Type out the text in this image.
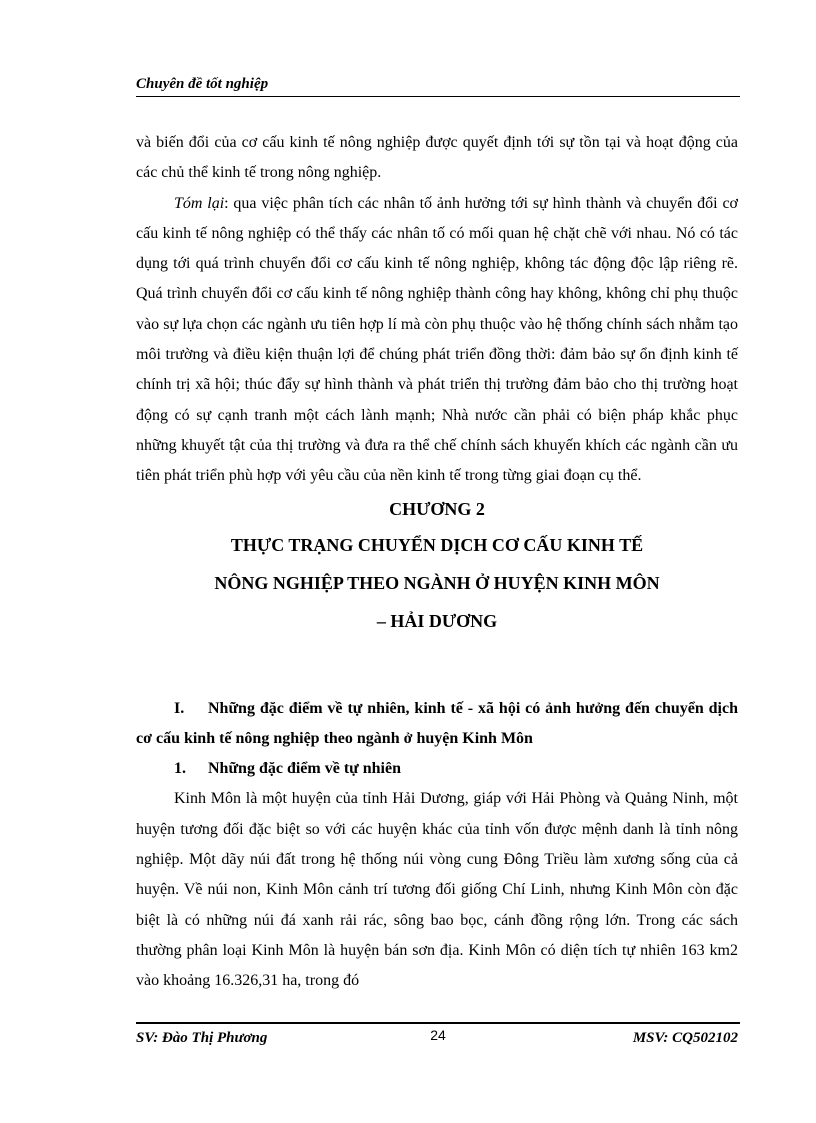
Chuyên đề tốt nghiệp

và biến đổi của cơ cấu kinh tế nông nghiệp được quyết định tới sự tồn tại và hoạt động của các chủ thể kinh tế trong nông nghiệp.

Tóm lại: qua việc phân tích các nhân tố ảnh hưởng tới sự hình thành và chuyển đổi cơ cấu kinh tế nông nghiệp có thể thấy các nhân tố có mối quan hệ chặt chẽ với nhau. Nó có tác dụng tới quá trình chuyển đổi cơ cấu kinh tế nông nghiệp, không tác động độc lập riêng rẽ. Quá trình chuyển đổi cơ cấu kinh tế nông nghiệp thành công hay không, không chỉ phụ thuộc vào sự lựa chọn các ngành ưu tiên hợp lí mà còn phụ thuộc vào hệ thống chính sách nhằm tạo môi trường và điều kiện thuận lợi để chúng phát triển đồng thời: đảm bảo sự ổn định kinh tế chính trị xã hội; thúc đẩy sự hình thành và phát triển thị trường đảm bảo cho thị trường hoạt động có sự cạnh tranh một cách lành mạnh; Nhà nước cần phải có biện pháp khắc phục những khuyết tật của thị trường và đưa ra thể chế chính sách khuyến khích các ngành cần ưu tiên phát triển phù hợp với yêu cầu của nền kinh tế trong từng giai đoạn cụ thể.

CHƯƠNG 2

THỰC TRẠNG CHUYỂN DỊCH CƠ CẤU KINH TẾ

NÔNG NGHIỆP THEO NGÀNH Ở HUYỆN KINH MÔN

– HẢI DƯƠNG

I. Những đặc điểm về tự nhiên, kinh tế - xã hội có ảnh hưởng đến chuyển dịch cơ cấu kinh tế nông nghiệp theo ngành ở huyện Kinh Môn

1. Những đặc điểm về tự nhiên

Kinh Môn là một huyện của tỉnh Hải Dương, giáp với Hải Phòng và Quảng Ninh, một huyện tương đối đặc biệt so với các huyện khác của tỉnh vốn được mệnh danh là tỉnh nông nghiệp. Một dãy núi đất trong hệ thống núi vòng cung Đông Triều làm xương sống của cả huyện. Về núi non, Kinh Môn cảnh trí tương đối giống Chí Linh, nhưng Kinh Môn còn đặc biệt là có những núi đá xanh rải rác, sông bao bọc, cánh đồng rộng lớn. Trong các sách thường phân loại Kinh Môn là huyện bán sơn địa. Kinh Môn có diện tích tự nhiên 163 km2 vào khoảng 16.326,31 ha, trong đó

SV: Đào Thị Phương	24	MSV: CQ502102
